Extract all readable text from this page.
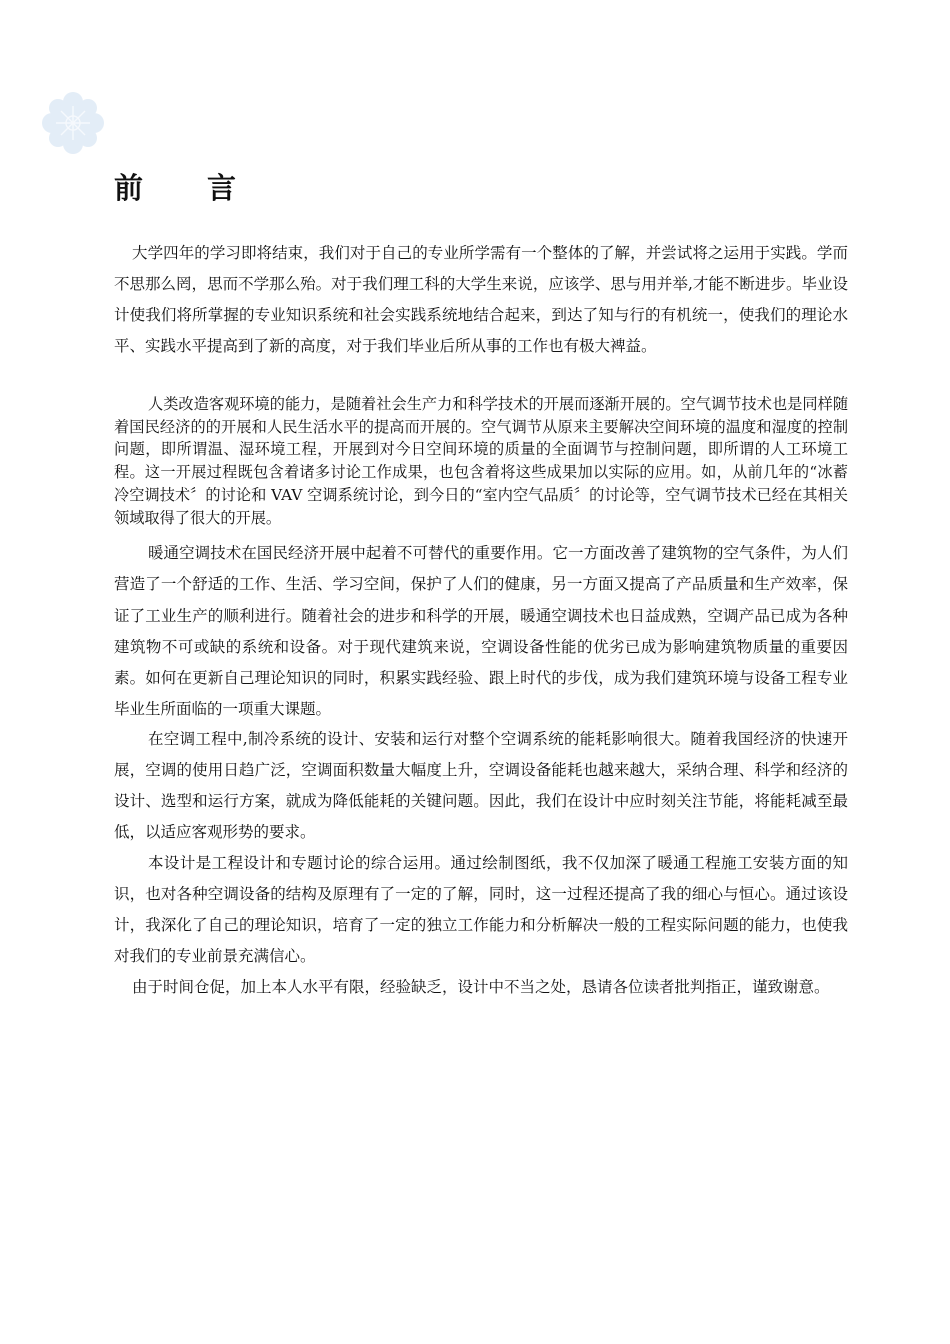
前 言

大学四年的学习即将结束，我们对于自己的专业所学需有一个整体的了解，并尝试将之运用于实践。学而不思那么罔，思而不学那么殆。对于我们理工科的大学生来说，应该学、思与用并举,才能不断进步。毕业设计使我们将所掌握的专业知识系统和社会实践系统地结合起来，到达了知与行的有机统一，使我们的理论水平、实践水平提高到了新的高度，对于我们毕业后所从事的工作也有极大裨益。

人类改造客观环境的能力，是随着社会生产力和科学技术的开展而逐渐开展的。空气调节技术也是同样随着国民经济的的开展和人民生活水平的提高而开展的。空气调节从原来主要解决空间环境的温度和湿度的控制问题，即所谓温、湿环境工程，开展到对今日空间环境的质量的全面调节与控制问题，即所谓的人工环境工程。这一开展过程既包含着诸多讨论工作成果，也包含着将这些成果加以实际的应用。如，从前几年的“冰蓄冷空调技术〞的讨论和 VAV 空调系统讨论，到今日的“室内空气品质〞的讨论等，空气调节技术已经在其相关领域取得了很大的开展。

暖通空调技术在国民经济开展中起着不可替代的重要作用。它一方面改善了建筑物的空气条件，为人们营造了一个舒适的工作、生活、学习空间，保护了人们的健康，另一方面又提高了产品质量和生产效率，保证了工业生产的顺利进行。随着社会的进步和科学的开展，暖通空调技术也日益成熟，空调产品已成为各种建筑物不可或缺的系统和设备。对于现代建筑来说，空调设备性能的优劣已成为影响建筑物质量的重要因素。如何在更新自己理论知识的同时，积累实践经验、跟上时代的步伐，成为我们建筑环境与设备工程专业毕业生所面临的一项重大课题。

在空调工程中,制冷系统的设计、安装和运行对整个空调系统的能耗影响很大。随着我国经济的快速开展，空调的使用日趋广泛，空调面积数量大幅度上升，空调设备能耗也越来越大，采纳合理、科学和经济的设计、选型和运行方案，就成为降低能耗的关键问题。因此，我们在设计中应时刻关注节能，将能耗减至最低，以适应客观形势的要求。

本设计是工程设计和专题讨论的综合运用。通过绘制图纸，我不仅加深了暖通工程施工安装方面的知识，也对各种空调设备的结构及原理有了一定的了解，同时，这一过程还提高了我的细心与恒心。通过该设计，我深化了自己的理论知识，培育了一定的独立工作能力和分析解决一般的工程实际问题的能力，也使我对我们的专业前景充满信心。

由于时间仓促，加上本人水平有限，经验缺乏，设计中不当之处，恳请各位读者批判指正，谨致谢意。
